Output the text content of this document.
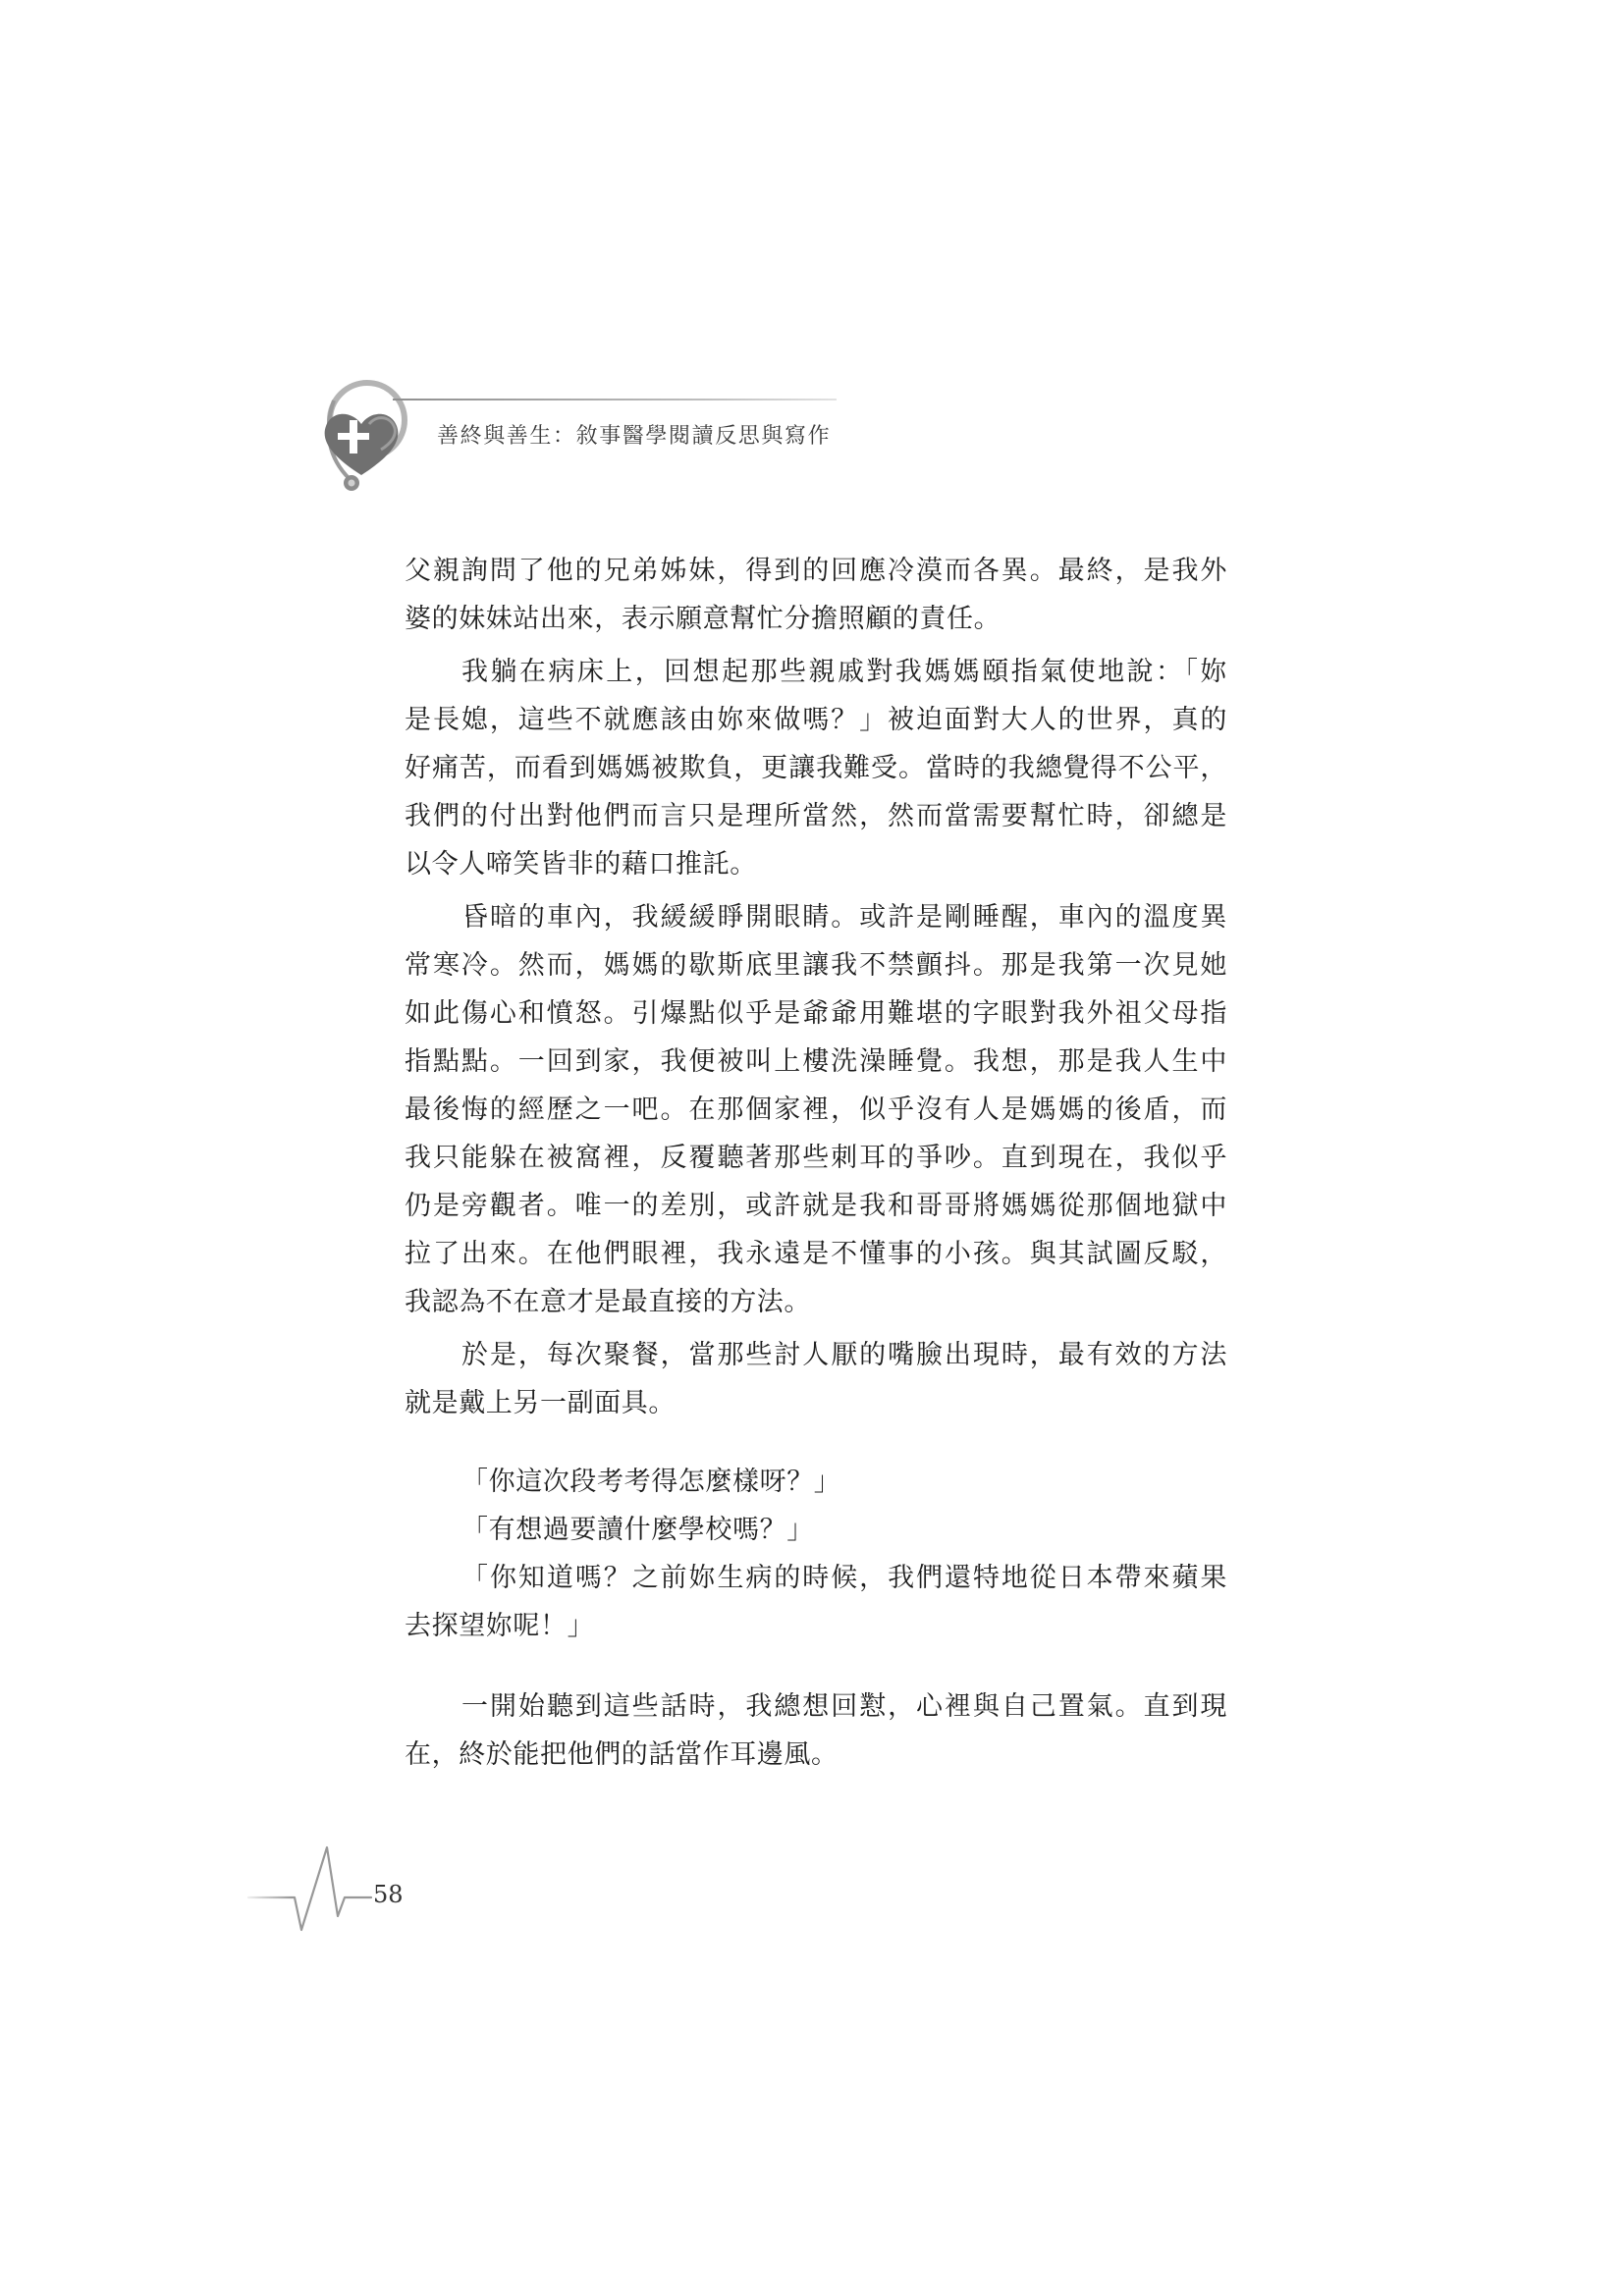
善終與善生：敘事醫學閱讀反思與寫作
父親詢問了他的兄弟姊妹，得到的回應冷漠而各異。最終，是我外
婆的妹妹站出來，表示願意幫忙分擔照顧的責任。
我躺在病床上，回想起那些親戚對我媽媽頤指氣使地說：「妳
是長媳，這些不就應該由妳來做嗎？」被迫面對大人的世界，真的
好痛苦，而看到媽媽被欺負，更讓我難受。當時的我總覺得不公平，
我們的付出對他們而言只是理所當然，然而當需要幫忙時，卻總是
以令人啼笑皆非的藉口推託。
昏暗的車內，我緩緩睜開眼睛。或許是剛睡醒，車內的溫度異
常寒冷。然而，媽媽的歇斯底里讓我不禁顫抖。那是我第一次見她
如此傷心和憤怒。引爆點似乎是爺爺用難堪的字眼對我外祖父母指
指點點。一回到家，我便被叫上樓洗澡睡覺。我想，那是我人生中
最後悔的經歷之一吧。在那個家裡，似乎沒有人是媽媽的後盾，而
我只能躲在被窩裡，反覆聽著那些刺耳的爭吵。直到現在，我似乎
仍是旁觀者。唯一的差別，或許就是我和哥哥將媽媽從那個地獄中
拉了出來。在他們眼裡，我永遠是不懂事的小孩。與其試圖反駁，
我認為不在意才是最直接的方法。
於是，每次聚餐，當那些討人厭的嘴臉出現時，最有效的方法
就是戴上另一副面具。
「你這次段考考得怎麼樣呀？」
「有想過要讀什麼學校嗎？」
「你知道嗎？之前妳生病的時候，我們還特地從日本帶來蘋果
去探望妳呢！」
一開始聽到這些話時，我總想回懟，心裡與自己置氣。直到現
在，終於能把他們的話當作耳邊風。
58
